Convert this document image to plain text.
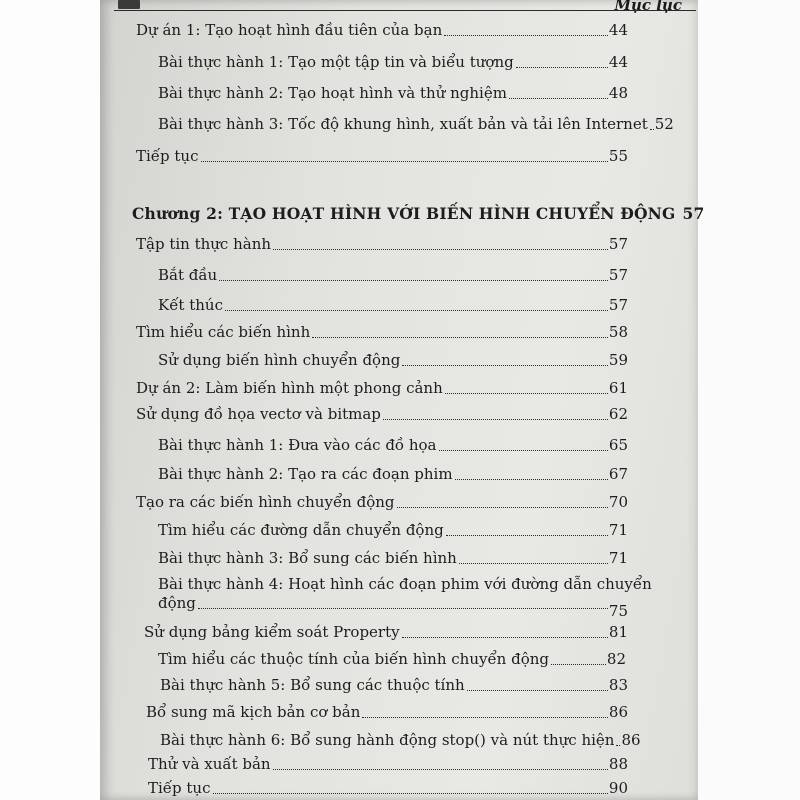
Mục lục
Dự án 1: Tạo hoạt hình đầu tiên của bạn	44
Bài thực hành 1: Tạo một tập tin và biểu tượng	44
Bài thực hành 2: Tạo hoạt hình và thử nghiệm	48
Bài thực hành 3: Tốc độ khung hình, xuất bản và tải lên Internet 52
Tiếp tục	55
Chương 2: TẠO HOẠT HÌNH VỚI BIẾN HÌNH CHUYỂN ĐỘNG 57
Tập tin thực hành	57
Bắt đầu	57
Kết thúc	57
Tìm hiểu các biến hình	58
Sử dụng biến hình chuyển động	59
Dự án 2: Làm biến hình một phong cảnh	61
Sử dụng đồ họa vectơ và bitmap	62
Bài thực hành 1: Đưa vào các đồ họa	65
Bài thực hành 2: Tạo ra các đoạn phim	67
Tạo ra các biến hình chuyển động	70
Tìm hiểu các đường dẫn chuyển động	71
Bài thực hành 3: Bổ sung các biến hình	71
Bài thực hành 4: Hoạt hình các đoạn phim với đường dẫn chuyển
động	75
Sử dụng bảng kiểm soát Property	81
Tìm hiểu các thuộc tính của biến hình chuyển động	82
Bài thực hành 5: Bổ sung các thuộc tính	83
Bổ sung mã kịch bản cơ bản	86
Bài thực hành 6: Bổ sung hành động stop() và nút thực hiện 86
Thử và xuất bản	88
Tiếp tục	90
